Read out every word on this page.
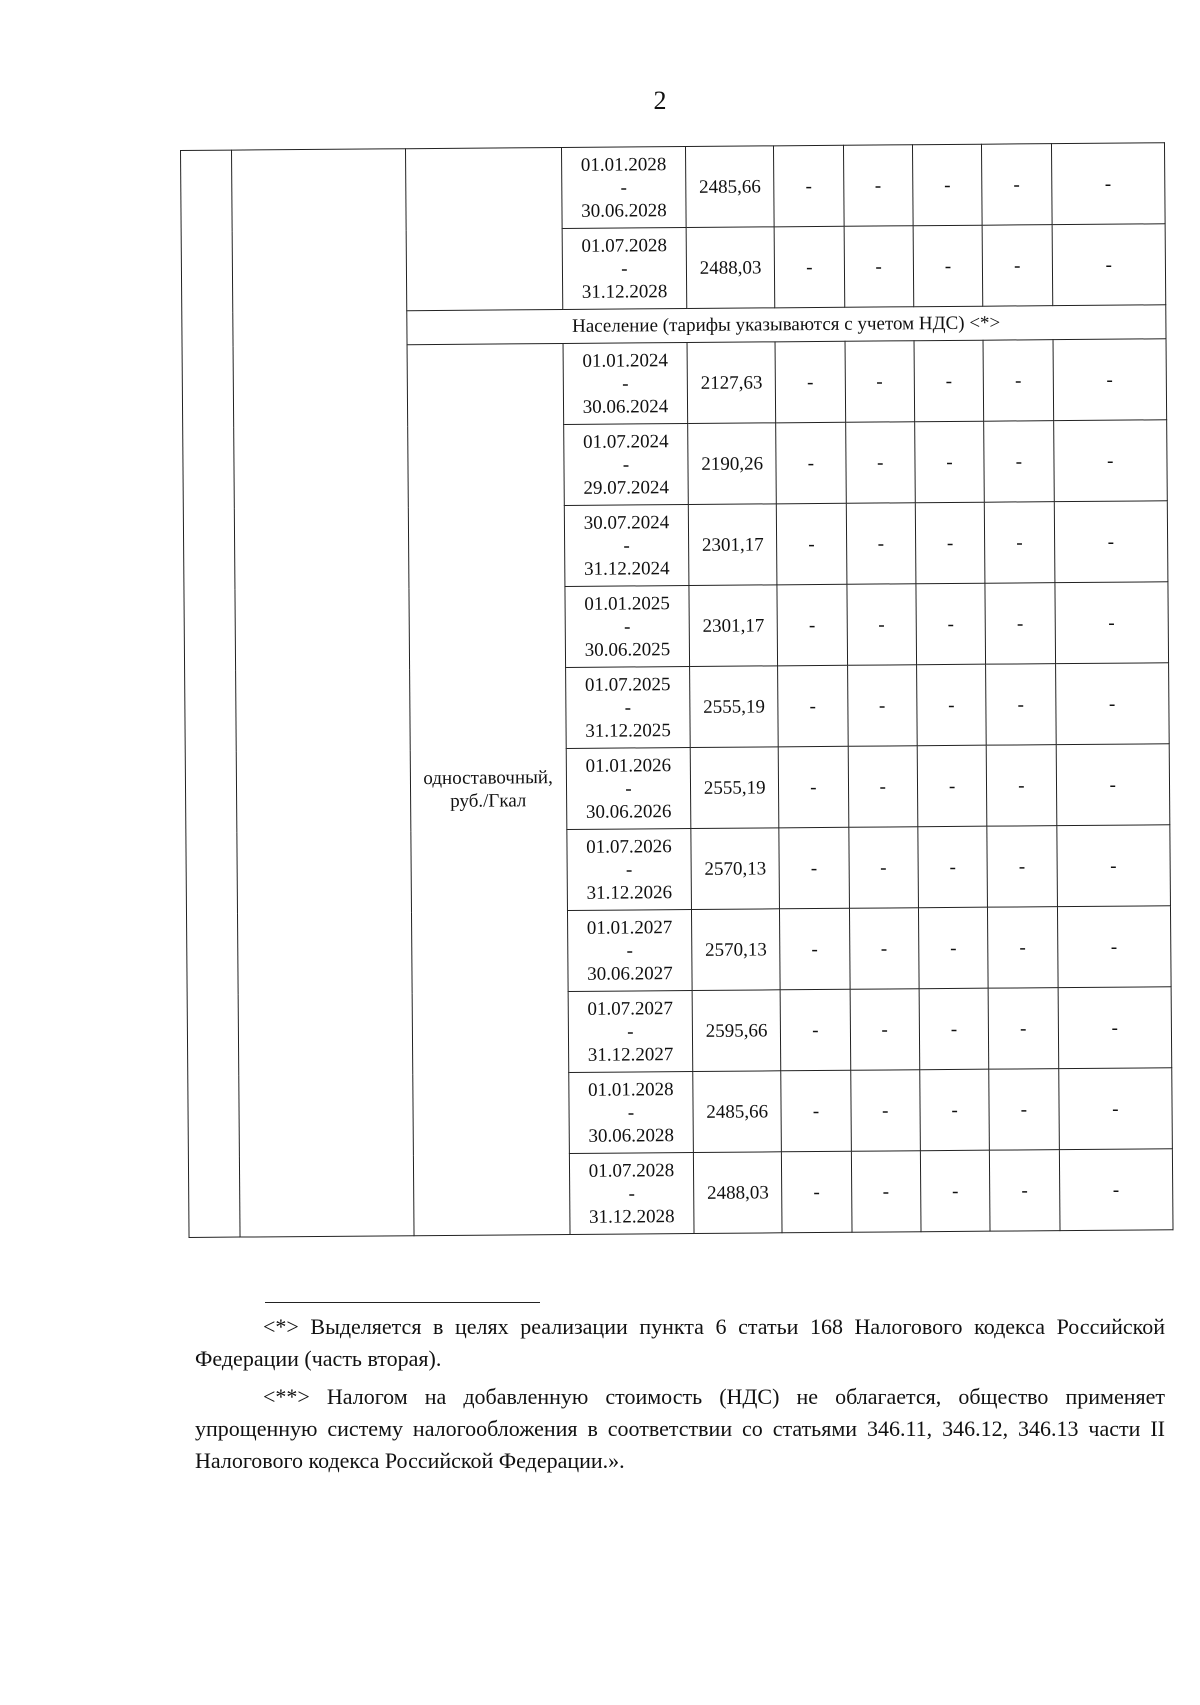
2

			01.01.2028
-
30.06.2028	2485,66	-	-	-	-	-

			01.07.2028
-
31.12.2028	2488,03	-	-	-	-	-
		Население (тарифы указываются с учетом НДС) <*>							

		одноставочный,
руб./Гкал	01.01.2024
-
30.06.2024	2127,63	-	-	-	-	-

			01.07.2024
-
29.07.2024	2190,26	-	-	-	-	-

			30.07.2024
-
31.12.2024	2301,17	-	-	-	-	-

			01.01.2025
-
30.06.2025	2301,17	-	-	-	-	-

			01.07.2025
-
31.12.2025	2555,19	-	-	-	-	-

			01.01.2026
-
30.06.2026	2555,19	-	-	-	-	-

			01.07.2026
-
31.12.2026	2570,13	-	-	-	-	-

			01.01.2027
-
30.06.2027	2570,13	-	-	-	-	-

			01.07.2027
-
31.12.2027	2595,66	-	-	-	-	-

			01.01.2028
-
30.06.2028	2485,66	-	-	-	-	-

			01.07.2028
-
31.12.2028	2488,03	-	-	-	-	-

<*> Выделяется в целях реализации пункта 6 статьи 168 Налогового кодекса Российской Федерации (часть вторая).

<**> Налогом на добавленную стоимость (НДС) не облагается, общество применяет упрощенную систему налогообложения в соответствии со статьями 346.11, 346.12, 346.13 части II Налогового кодекса Российской Федерации.».
